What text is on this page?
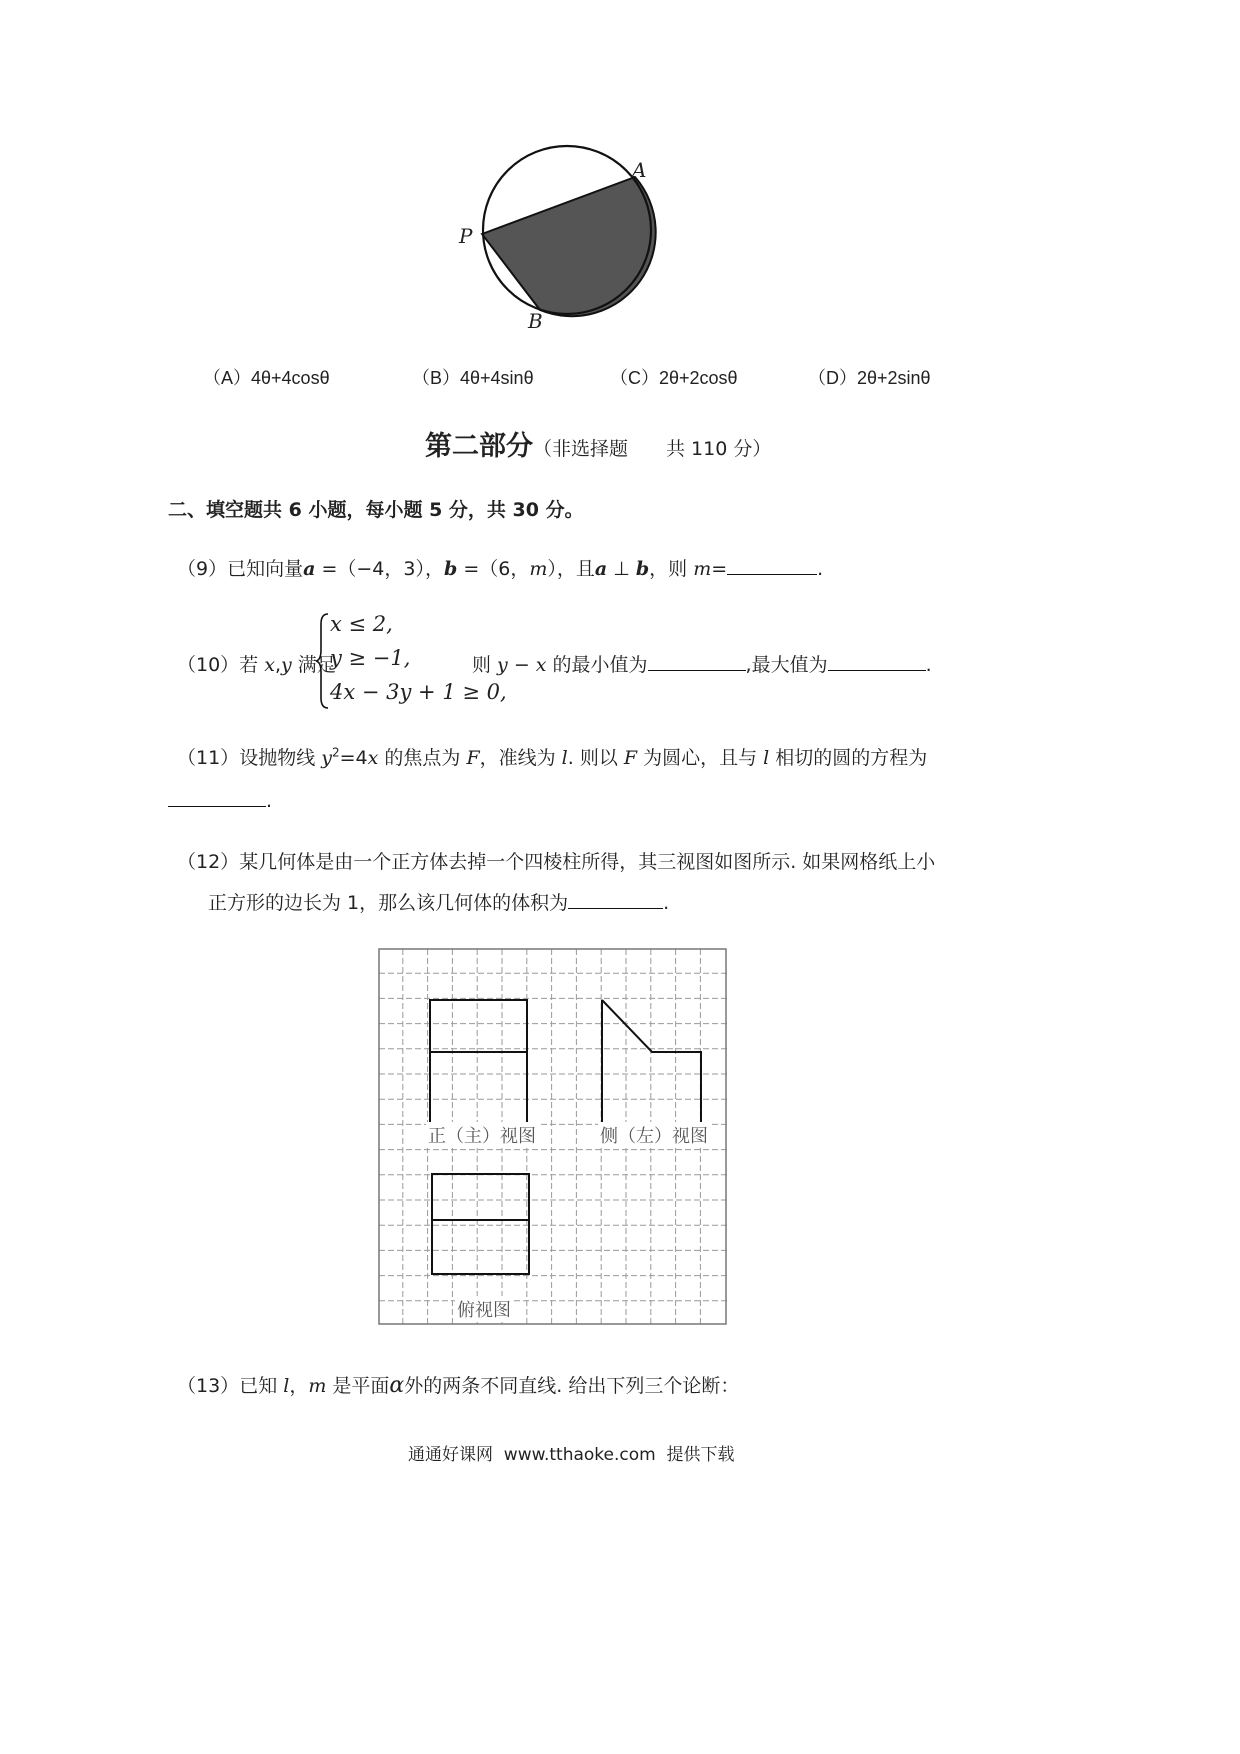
A
P
B
（A）4θ+4cosθ	（B）4θ+4sinθ	（C）2θ+2cosθ	（D）2θ+2sinθ
第二部分（非选择题　　共 110 分）
二、填空题共 6 小题，每小题 5 分，共 30 分。
（9）已知向量a =（−4，3），b =（6，m），且a ⊥ b，则 m=	.
（10）若 x,y 满足
x ≤ 2,
y ≥ −1,
4x − 3y + 1 ≥ 0,
则 y − x 的最小值为	,最大值为	.
（11）设抛物线 $y^2=4x$ 的焦点为 F，准线为 l. 则以 F 为圆心，且与 l 相切的圆的方程为
.
（12）某几何体是由一个正方体去掉一个四棱柱所得，其三视图如图所示. 如果网格纸上小
正方形的边长为 1，那么该几何体的体积为	.
正（主）视图	侧（左）视图
俯视图
（13）已知 l，m 是平面α外的两条不同直线. 给出下列三个论断：
通通好课网  www.tthaoke.com  提供下载
